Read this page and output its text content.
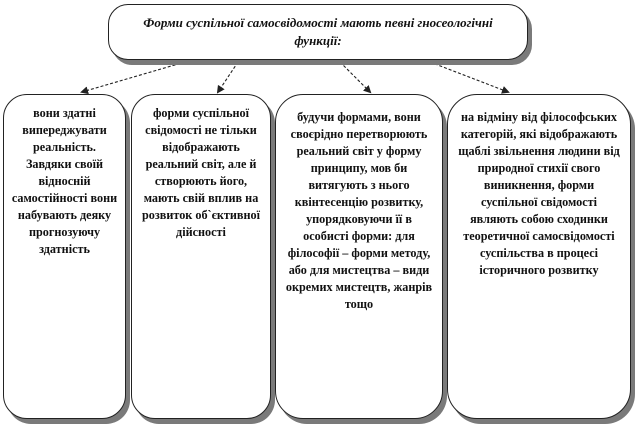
Форми суспільної самосвідомості мають певні гносеологічні функції:
вони здатні випереджувати реальність. Завдяки своїй відносній самостійності вони набувають деяку прогнозуючу здатність
форми суспільної свідомості не тільки відображають реальний світ, але й створюють його, мають свій вплив на розвиток об`єктивної дійсності
будучи формами, вони своєрідно перетворюють реальний світ у форму принципу, мов би витягують з нього квінтесенцію розвитку, упорядковуючи її в особисті форми: для філософії – форми методу, або для мистецтва – види окремих мистецтв, жанрів тощо
на відміну від філософських категорій, які відображають щаблі звільнення людини від природної стихії свого виникнення, форми суспільної свідомості являють собою сходинки теоретичної самосвідомості суспільства в процесі історичного розвитку
